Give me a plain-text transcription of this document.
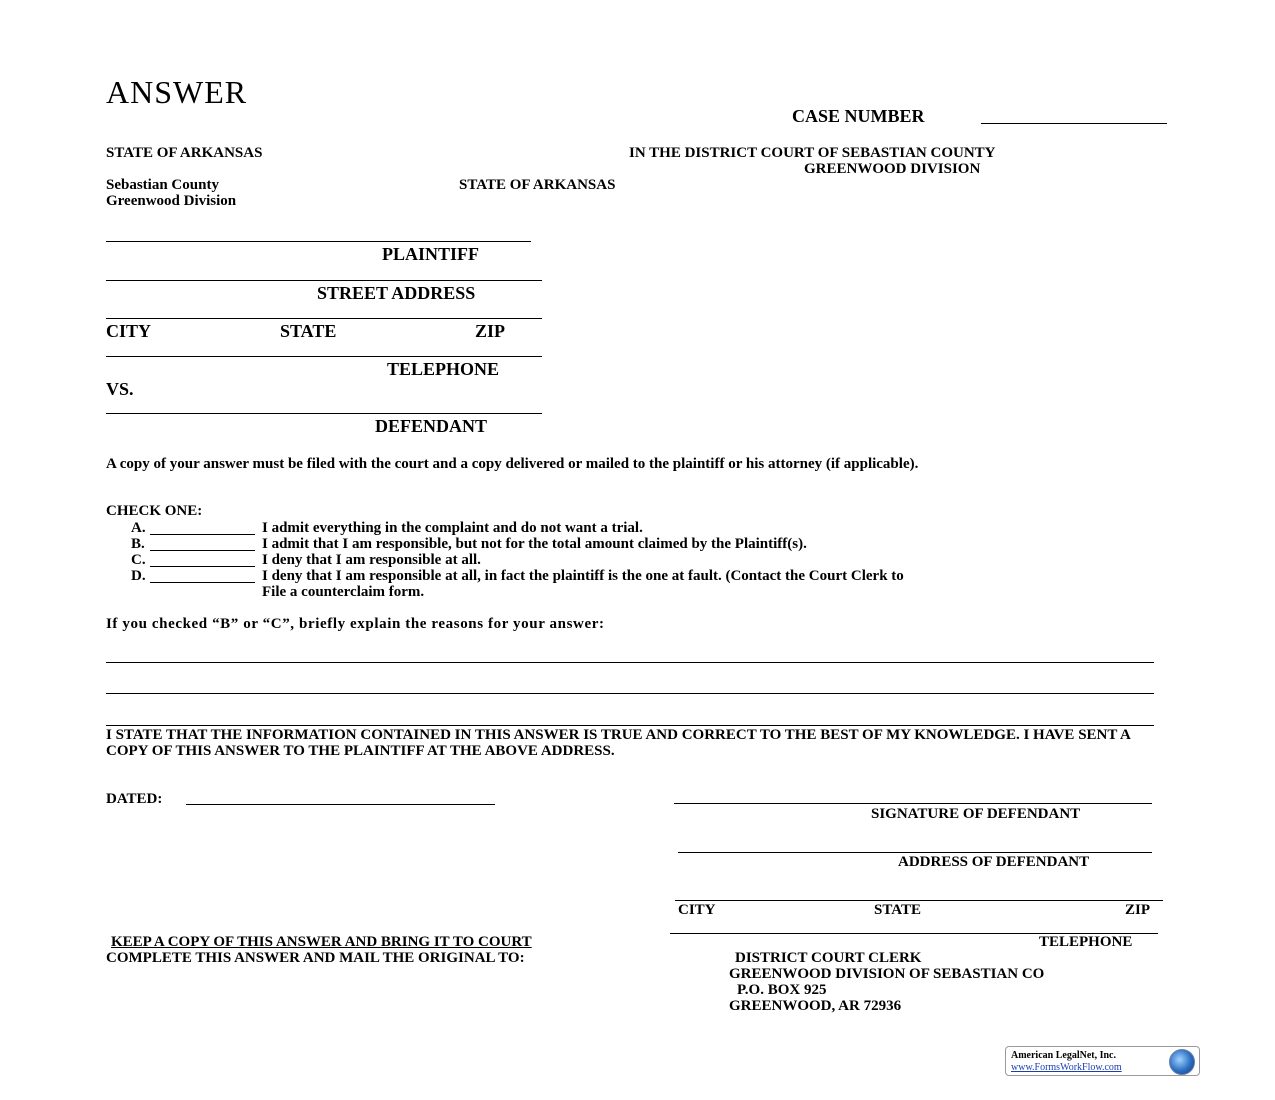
ANSWER
CASE NUMBER
STATE OF ARKANSAS	IN THE DISTRICT COURT OF SEBASTIAN COUNTY
GREENWOOD DIVISION
Sebastian County	STATE OF ARKANSAS
Greenwood Division
PLAINTIFF
STREET ADDRESS
CITY	STATE	ZIP
TELEPHONE
VS.
DEFENDANT
A copy of your answer must be filed with the court and a copy delivered or mailed to the plaintiff or his attorney (if applicable).
CHECK ONE:
A.	I admit everything in the complaint and do not want a trial.
B.	I admit that I am responsible, but not for the total amount claimed by the Plaintiff(s).
C.	I deny that I am responsible at all.
D.	I deny that I am responsible at all, in fact the plaintiff is the one at fault. (Contact the Court Clerk to
File a counterclaim form.
If you checked “B” or “C”, briefly explain the reasons for your answer:
I STATE THAT THE INFORMATION CONTAINED IN THIS ANSWER IS TRUE AND CORRECT TO THE BEST OF MY KNOWLEDGE. I HAVE SENT A COPY OF THIS ANSWER TO THE PLAINTIFF AT THE ABOVE ADDRESS.
DATED:
SIGNATURE OF DEFENDANT
ADDRESS OF DEFENDANT
CITY	STATE	ZIP
TELEPHONE
KEEP A COPY OF THIS ANSWER AND BRING IT TO COURT
COMPLETE THIS ANSWER AND MAIL THE ORIGINAL TO:	DISTRICT COURT CLERK
GREENWOOD DIVISION OF SEBASTIAN CO
P.O. BOX 925
GREENWOOD, AR 72936
American LegalNet, Inc.
www.FormsWorkFlow.com
